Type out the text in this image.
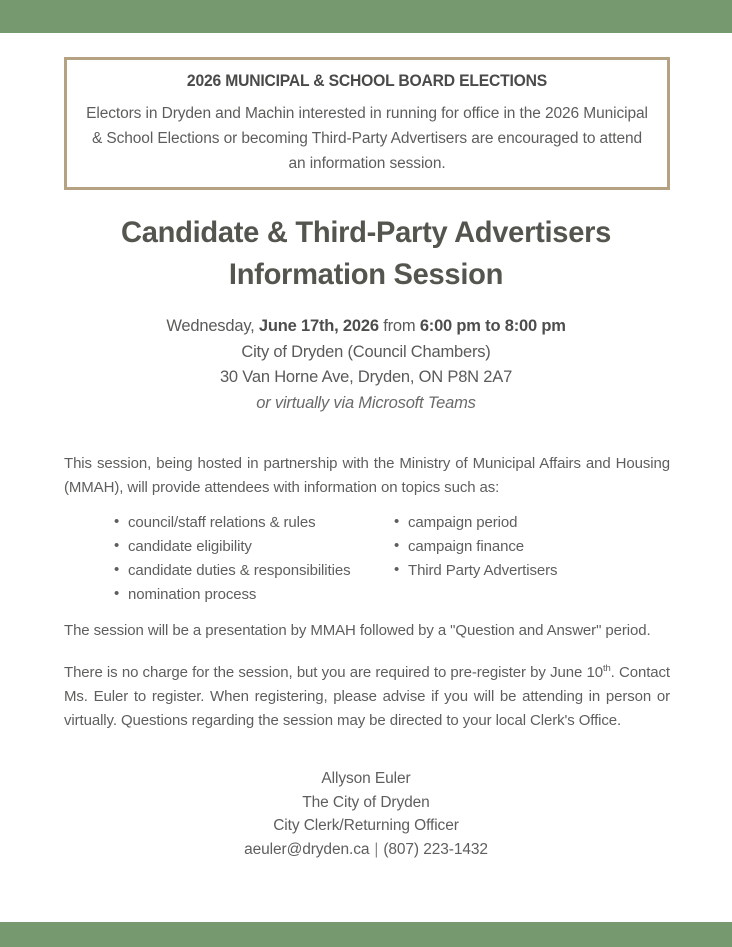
2026 MUNICIPAL & SCHOOL BOARD ELECTIONS
Electors in Dryden and Machin interested in running for office in the 2026 Municipal & School Elections or becoming Third-Party Advertisers are encouraged to attend an information session.
Candidate & Third-Party Advertisers
Information Session
Wednesday, June 17th, 2026 from 6:00 pm to 8:00 pm
City of Dryden (Council Chambers)
30 Van Horne Ave, Dryden, ON P8N 2A7
or virtually via Microsoft Teams

This session, being hosted in partnership with the Ministry of Municipal Affairs and Housing (MMAH), will provide attendees with information on topics such as:

• council/staff relations & rules
• candidate eligibility
• candidate duties & responsibilities
• nomination process
• campaign period
• campaign finance
• Third Party Advertisers

The session will be a presentation by MMAH followed by a "Question and Answer" period.

There is no charge for the session, but you are required to pre-register by June 10th. Contact Ms. Euler to register. When registering, please advise if you will be attending in person or virtually. Questions regarding the session may be directed to your local Clerk's Office.

Allyson Euler
The City of Dryden
City Clerk/Returning Officer
aeuler@dryden.ca | (807) 223-1432
